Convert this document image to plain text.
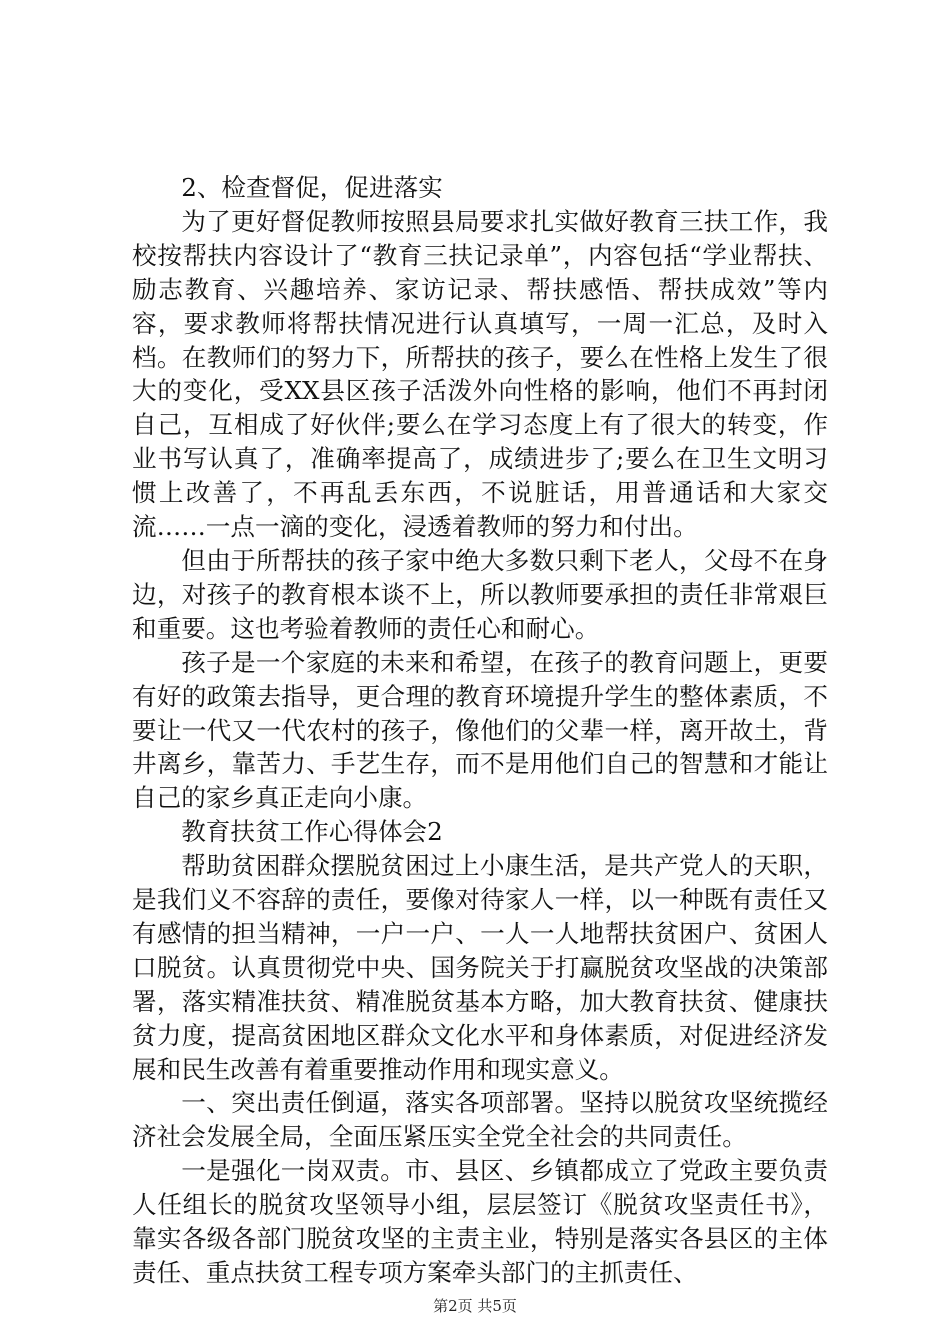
2、检查督促，促进落实

为了更好督促教师按照县局要求扎实做好教育三扶工作，我校按帮扶内容设计了“教育三扶记录单”，内容包括“学业帮扶、励志教育、兴趣培养、家访记录、帮扶感悟、帮扶成效”等内容，要求教师将帮扶情况进行认真填写，一周一汇总，及时入档。在教师们的努力下，所帮扶的孩子，要么在性格上发生了很大的变化，受XX县区孩子活泼外向性格的影响，他们不再封闭自己，互相成了好伙伴;要么在学习态度上有了很大的转变，作业书写认真了，准确率提高了，成绩进步了;要么在卫生文明习惯上改善了，不再乱丢东西，不说脏话，用普通话和大家交流……一点一滴的变化，浸透着教师的努力和付出。

但由于所帮扶的孩子家中绝大多数只剩下老人，父母不在身边，对孩子的教育根本谈不上，所以教师要承担的责任非常艰巨和重要。这也考验着教师的责任心和耐心。

孩子是一个家庭的未来和希望，在孩子的教育问题上，更要有好的政策去指导，更合理的教育环境提升学生的整体素质，不要让一代又一代农村的孩子，像他们的父辈一样，离开故土，背井离乡，靠苦力、手艺生存，而不是用他们自己的智慧和才能让自己的家乡真正走向小康。

教育扶贫工作心得体会2

帮助贫困群众摆脱贫困过上小康生活，是共产党人的天职，是我们义不容辞的责任，要像对待家人一样，以一种既有责任又有感情的担当精神，一户一户、一人一人地帮扶贫困户、贫困人口脱贫。认真贯彻党中央、国务院关于打赢脱贫攻坚战的决策部署，落实精准扶贫、精准脱贫基本方略，加大教育扶贫、健康扶贫力度，提高贫困地区群众文化水平和身体素质，对促进经济发展和民生改善有着重要推动作用和现实意义。

一、突出责任倒逼，落实各项部署。坚持以脱贫攻坚统揽经济社会发展全局，全面压紧压实全党全社会的共同责任。

一是强化一岗双责。市、县区、乡镇都成立了党政主要负责人任组长的脱贫攻坚领导小组，层层签订《脱贫攻坚责任书》，靠实各级各部门脱贫攻坚的主责主业，特别是落实各县区的主体责任、重点扶贫工程专项方案牵头部门的主抓责任、

第2页 共5页
